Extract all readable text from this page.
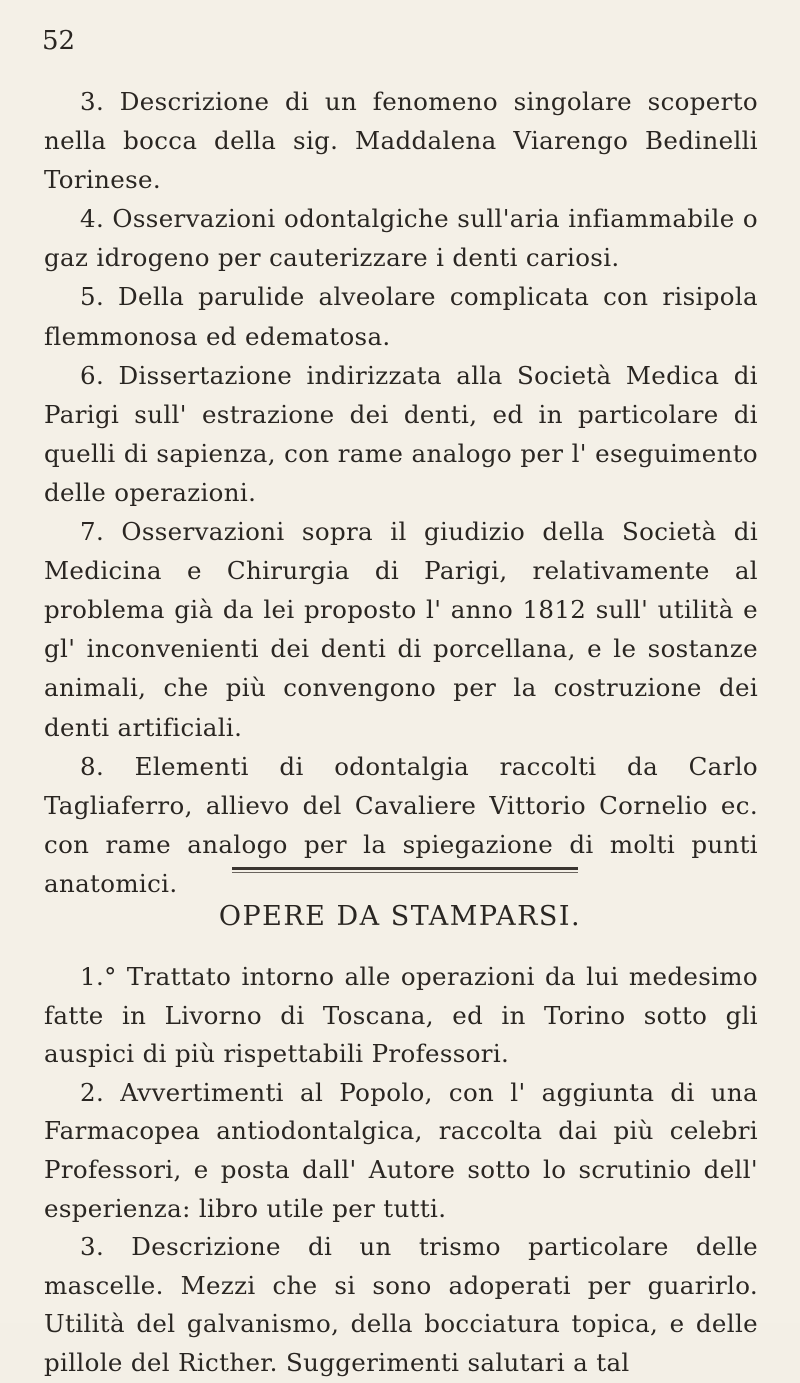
52

3. Descrizione di un fenomeno singolare scoperto nella bocca della sig. Maddalena Viarengo Bedinelli Torinese.

4. Osservazioni odontalgiche sull'aria infiammabile o gaz idrogeno per cauterizzare i denti cariosi.

5. Della parulide alveolare complicata con risipola flemmonosa ed edematosa.

6. Dissertazione indirizzata alla Società Medica di Parigi sull' estrazione dei denti, ed in particolare di quelli di sapienza, con rame analogo per l' eseguimento delle operazioni.

7. Osservazioni sopra il giudizio della Società di Medicina e Chirurgia di Parigi, relativamente al problema già da lei proposto l' anno 1812 sull' utilità e gl' inconvenienti dei denti di porcellana, e le sostanze animali, che più convengono per la costruzione dei denti artificiali.

8. Elementi di odontalgia raccolti da Carlo Tagliaferro, allievo del Cavaliere Vittorio Cornelio ec. con rame analogo per la spiegazione di molti punti anatomici.

OPERE DA STAMPARSI.

1.° Trattato intorno alle operazioni da lui medesimo fatte in Livorno di Toscana, ed in Torino sotto gli auspici di più rispettabili Professori.

2. Avvertimenti al Popolo, con l' aggiunta di una Farmacopea antiodontalgica, raccolta dai più celebri Professori, e posta dall' Autore sotto lo scrutinio dell' esperienza: libro utile per tutti.

3. Descrizione di un trismo particolare delle mascelle. Mezzi che si sono adoperati per guarirlo. Utilità del galvanismo, della bocciatura topica, e delle pillole del Ricther. Suggerimenti salutari a tal
